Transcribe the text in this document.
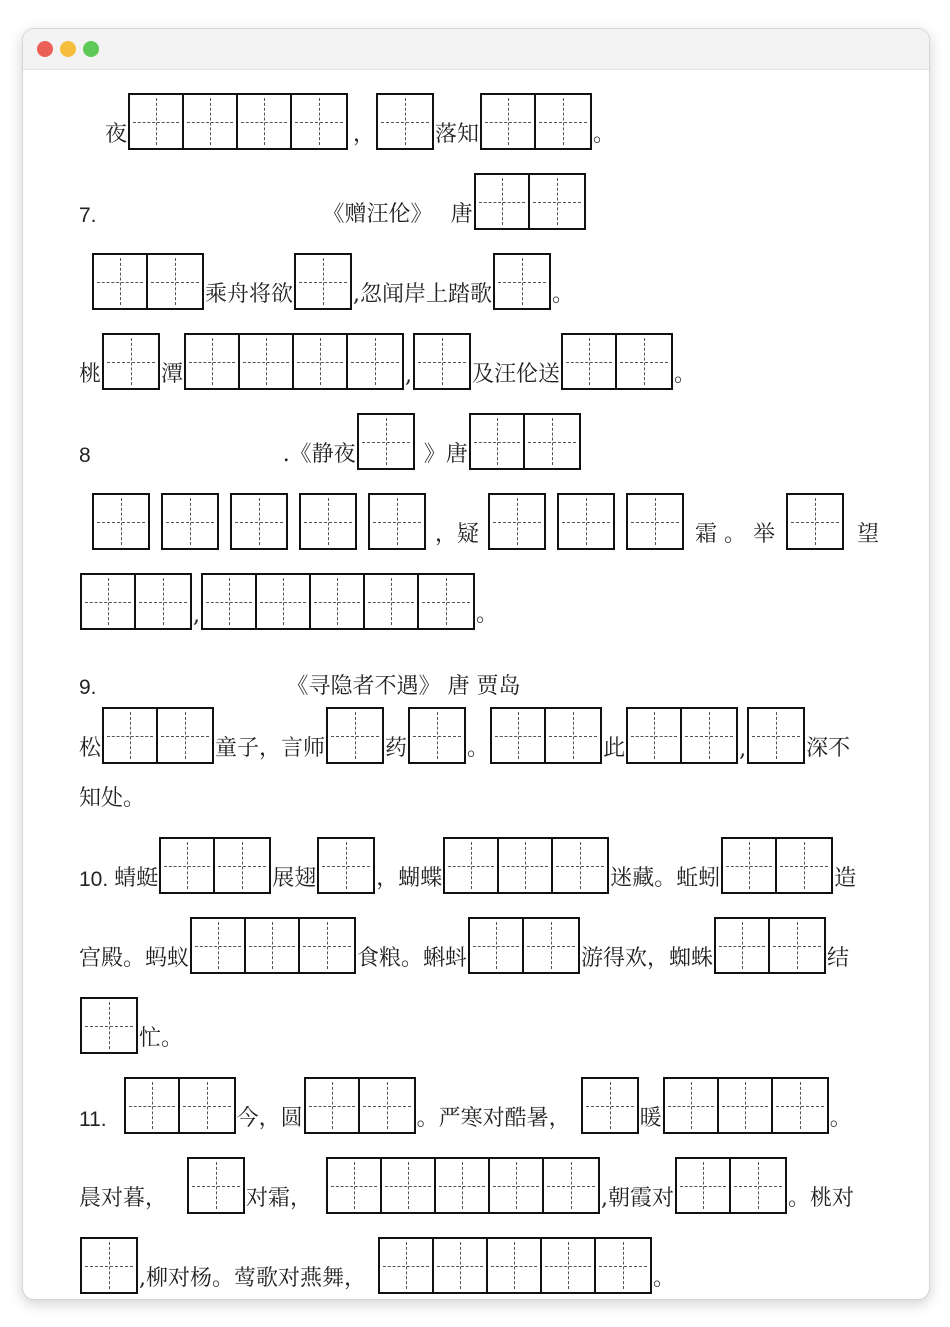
夜	，	落知	。
7.	《赠汪伦》 唐
乘舟将欲	,忽闻岸上踏歌	。
桃	潭	,	及汪伦送	。
8	.《静夜	》 唐
，疑	霜 。 举	望
,	。
9.	《寻隐者不遇》 唐 贾岛
松	童子，言师	药	。	此	,	深不
知处。
10. 蜻蜓	展翅	，蝴蝶	迷藏。蚯蚓	造
宫殿。蚂蚁	食粮。蝌蚪	游得欢，蜘蛛	结
忙。
11.	今，圆	。严寒对酷暑，	暖	。
晨对暮，	对霜，	,朝霞对	。桃对
,柳对杨。莺歌对燕舞，	。
